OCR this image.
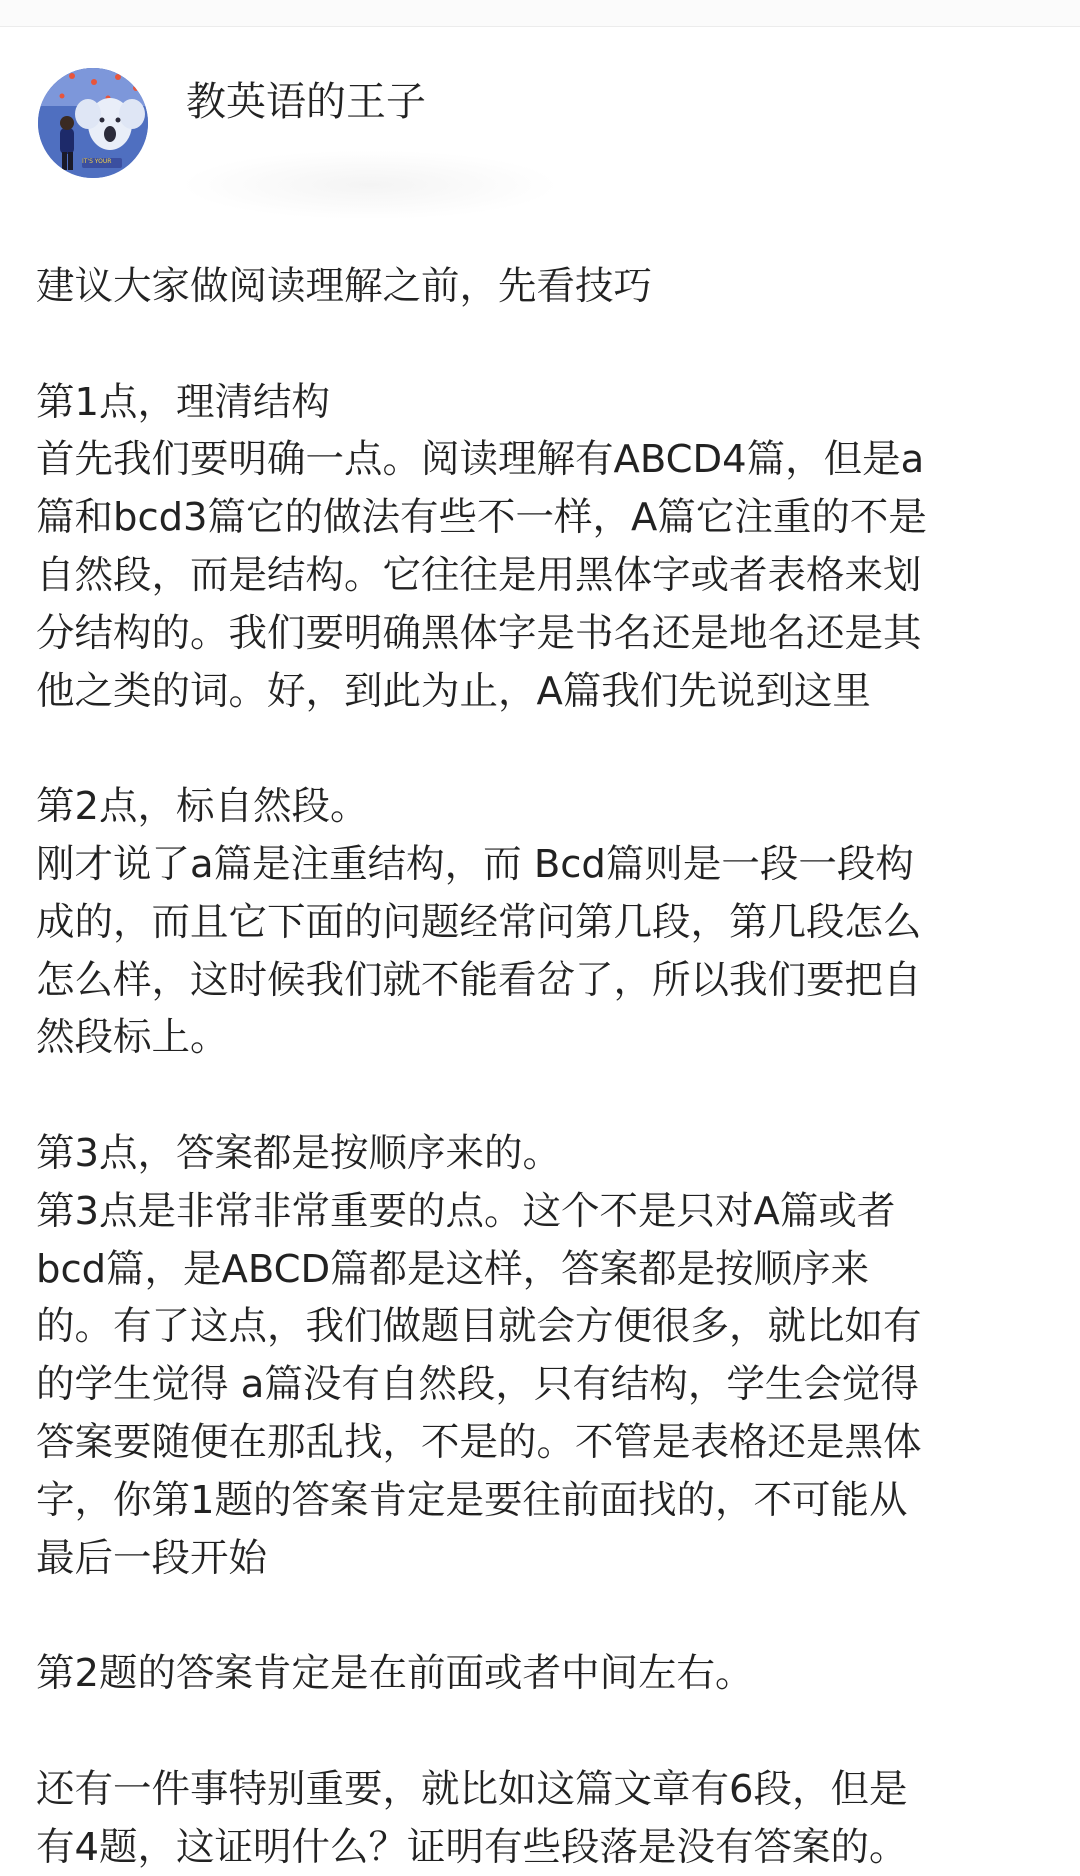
IT'S YOUR
教英语的王子

建议大家做阅读理解之前，先看技巧

第1点，理清结构

首先我们要明确一点。阅读理解有ABCD4篇，但是a
篇和bcd3篇它的做法有些不一样，A篇它注重的不是
自然段，而是结构。它往往是用黑体字或者表格来划
分结构的。我们要明确黑体字是书名还是地名还是其
他之类的词。好，到此为止，A篇我们先说到这里

第2点，标自然段。

刚才说了a篇是注重结构，而 Bcd篇则是一段一段构
成的，而且它下面的问题经常问第几段，第几段怎么
怎么样，这时候我们就不能看岔了，所以我们要把自
然段标上。

第3点，答案都是按顺序来的。

第3点是非常非常重要的点。这个不是只对A篇或者
bcd篇，是ABCD篇都是这样，答案都是按顺序来
的。有了这点，我们做题目就会方便很多，就比如有
的学生觉得 a篇没有自然段，只有结构，学生会觉得
答案要随便在那乱找，不是的。不管是表格还是黑体
字，你第1题的答案肯定是要往前面找的，不可能从
最后一段开始

第2题的答案肯定是在前面或者中间左右。

还有一件事特别重要，就比如这篇文章有6段，但是
有4题，这证明什么？证明有些段落是没有答案的。
